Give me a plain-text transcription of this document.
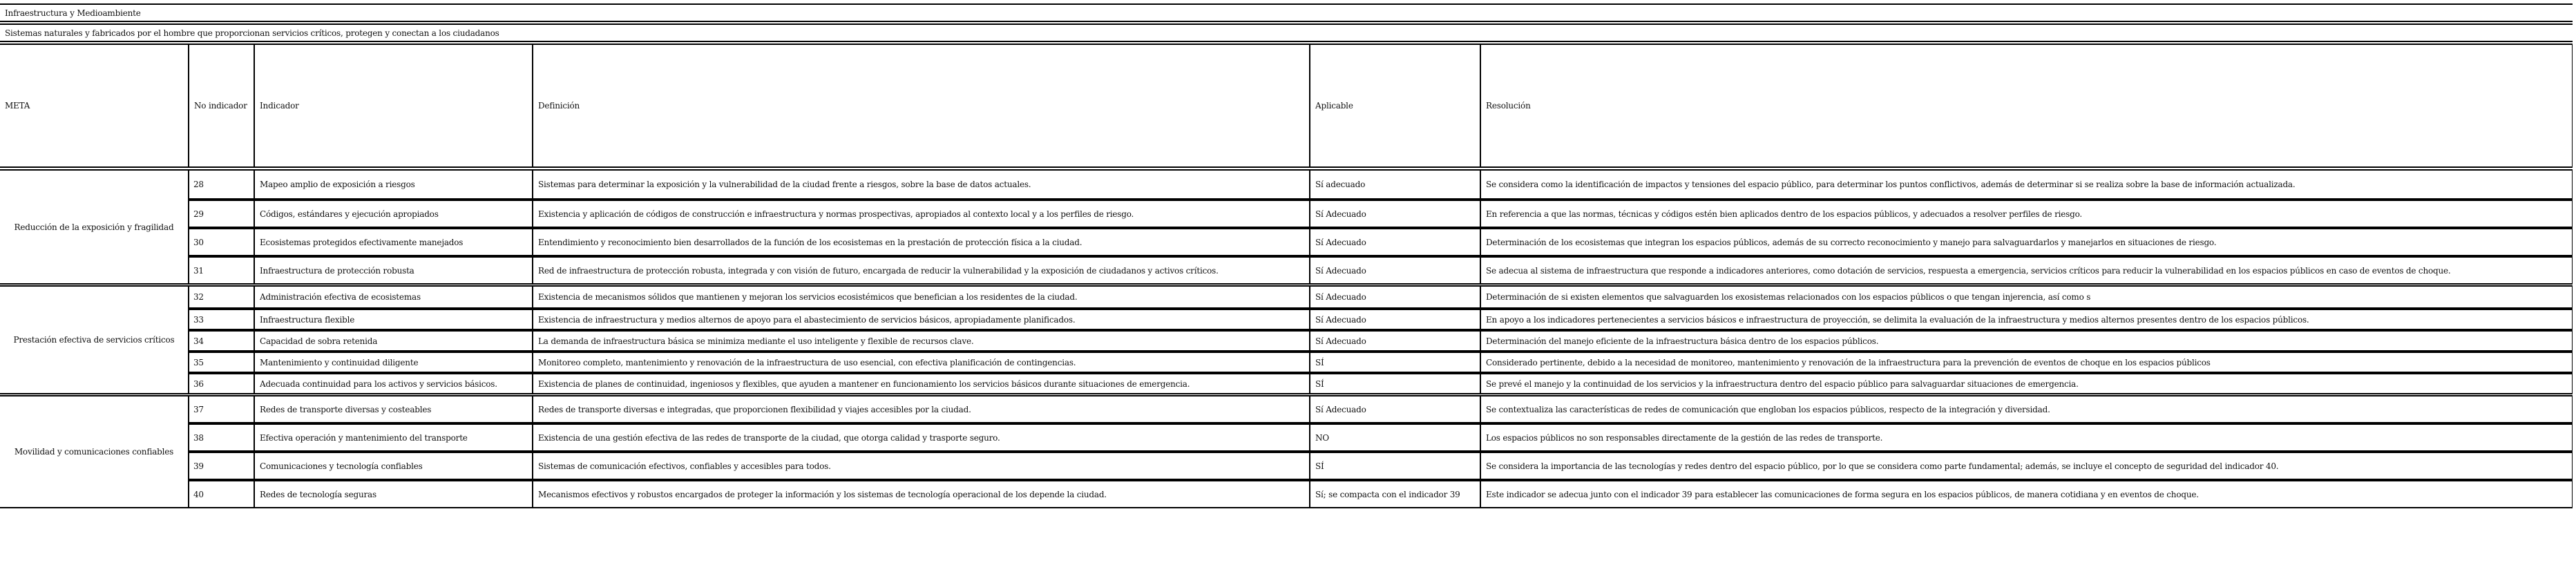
Infraestructura y Medioambiente
Sistemas naturales y fabricados por el hombre que proporcionan servicios críticos, protegen y conectan a los ciudadanos
META	No indicador	Indicador	Definición	Aplicable	Resolución
Reducción de la exposición y fragilidad	28	Mapeo amplio de exposición a riesgos	Sistemas para determinar la exposición y la vulnerabilidad de la ciudad frente a riesgos, sobre la base de datos actuales.	Sí adecuado	Se considera como la identificación de impactos y tensiones del espacio público, para determinar los puntos conflictivos, además de determinar si se realiza sobre la base de información actualizada.
	29	Códigos, estándares y ejecución apropiados	Existencia y aplicación de códigos de construcción e infraestructura y normas prospectivas, apropiados al contexto local y a los perfiles de riesgo.	Sí Adecuado	En referencia a que las normas, técnicas y códigos estén bien aplicados dentro de los espacios públicos, y adecuados a resolver perfiles de riesgo.
	30	Ecosistemas protegidos efectivamente manejados	Entendimiento y reconocimiento bien desarrollados de la función de los ecosistemas en la prestación de protección física a la ciudad.	Sí Adecuado	Determinación de los ecosistemas que integran los espacios públicos, además de su correcto reconocimiento y manejo para salvaguardarlos y manejarlos en situaciones de riesgo.
	31	Infraestructura de protección robusta	Red de infraestructura de protección robusta, integrada y con visión de futuro, encargada de reducir la vulnerabilidad y la exposición de ciudadanos y activos críticos.	Sí Adecuado	Se adecua al sistema de infraestructura que responde a indicadores anteriores, como dotación de servicios, respuesta a emergencia, servicios críticos para reducir la vulnerabilidad en los espacios públicos en caso de eventos de choque.
Prestación efectiva de servicios críticos	32	Administración efectiva de ecosistemas	Existencia de mecanismos sólidos que mantienen y mejoran los servicios ecosistémicos que benefician a los residentes de la ciudad.	Sí Adecuado	Determinación de si existen elementos que salvaguarden los exosistemas relacionados con los espacios públicos o que tengan injerencia, así como s
	33	Infraestructura flexible	Existencia de infraestructura y medios alternos de apoyo para el abastecimiento de servicios básicos, apropiadamente planificados.	Sí Adecuado	En apoyo a los indicadores pertenecientes a servicios básicos e infraestructura de proyección, se delimita la evaluación de la infraestructura y medios alternos presentes dentro de los espacios públicos.
	34	Capacidad de sobra retenida	La demanda de infraestructura básica se minimiza mediante el uso inteligente y flexible de recursos clave.	Sí Adecuado	Determinación del manejo eficiente de la infraestructura básica dentro de los espacios públicos.
	35	Mantenimiento y continuidad diligente	Monitoreo completo, mantenimiento y renovación de la infraestructura de uso esencial, con efectiva planificación de contingencias.	SÍ	Considerado pertinente, debido a la necesidad de monitoreo, mantenimiento y renovación de la infraestructura para la prevención de eventos de choque en los espacios públicos
	36	Adecuada continuidad para los activos y servicios básicos.	Existencia de planes de continuidad, ingeniosos y flexibles, que ayuden a mantener en funcionamiento los servicios básicos durante situaciones de emergencia.	SÍ	Se prevé el manejo y la continuidad de los servicios y la infraestructura dentro del espacio público para salvaguardar situaciones de emergencia.
Movilidad y comunicaciones confiables	37	Redes de transporte diversas y costeables	Redes de transporte diversas e integradas, que proporcionen flexibilidad y viajes accesibles por la ciudad.	Sí Adecuado	Se contextualiza las características de redes de comunicación que engloban los espacios públicos, respecto de la integración y diversidad.
	38	Efectiva operación y mantenimiento del transporte	Existencia de una gestión efectiva de las redes de transporte de la ciudad, que otorga calidad y trasporte seguro.	NO	Los espacios públicos no son responsables directamente de la gestión de las redes de transporte.
	39	Comunicaciones y tecnología confiables	Sistemas de comunicación efectivos, confiables y accesibles para todos.	SÍ	Se considera la importancia de las tecnologías y redes dentro del espacio público, por lo que se considera como parte fundamental; además, se incluye el concepto de seguridad del indicador 40.
	40	Redes de tecnología seguras	Mecanismos efectivos y robustos encargados de proteger la información y los sistemas de tecnología operacional de los depende la ciudad.	Sí; se compacta con el indicador 39	Este indicador se adecua junto con el indicador 39 para establecer las comunicaciones de forma segura en los espacios públicos, de manera cotidiana y en eventos de choque.
